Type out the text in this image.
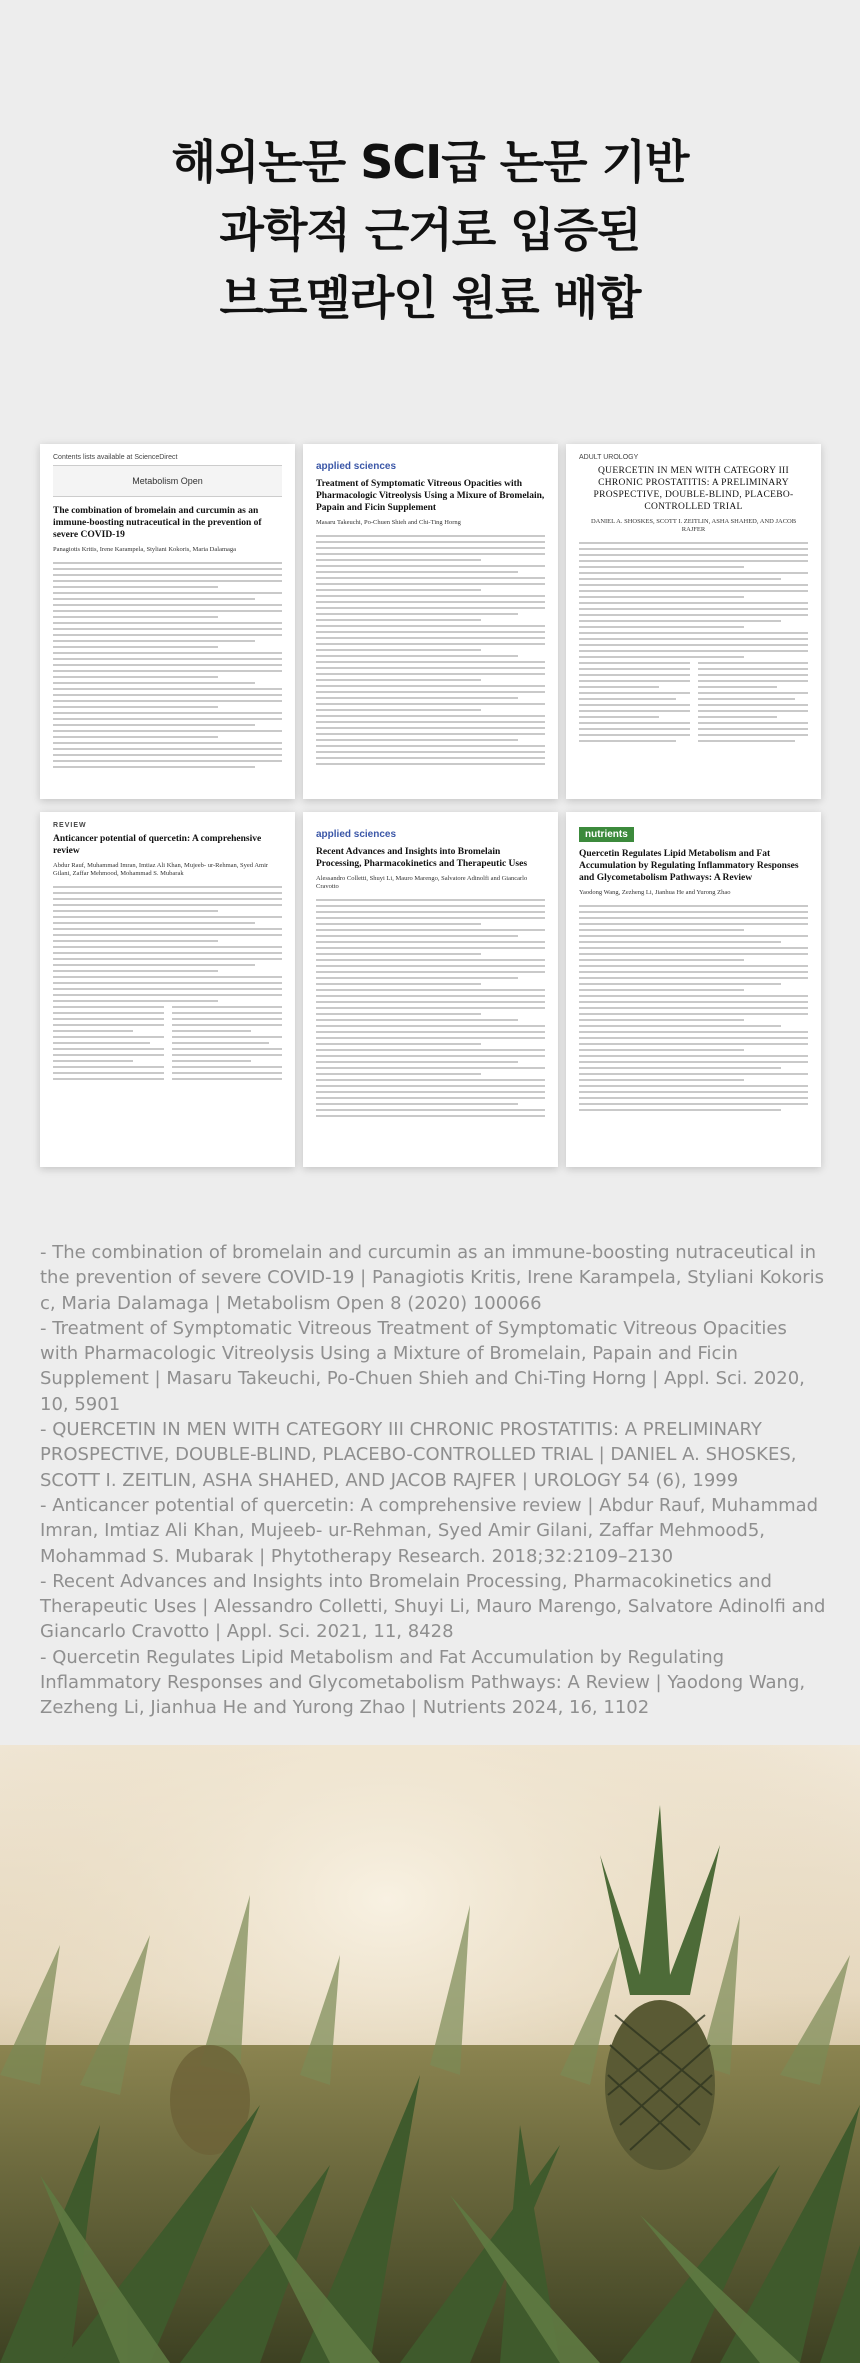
해외논문 SCI급 논문 기반
과학적 근거로 입증된
브로멜라인 원료 배합
Contents lists available at ScienceDirect
Metabolism Open
The combination of bromelain and curcumin as an immune-boosting nutraceutical in the prevention of severe COVID-19
Panagiotis Kritis, Irene Karampela, Styliani Kokoris, Maria Dalamaga
applied sciences
Treatment of Symptomatic Vitreous Opacities with Pharmacologic Vitreolysis Using a Mixure of Bromelain, Papain and Ficin Supplement
Masaru Takeuchi, Po-Chuen Shieh and Chi-Ting Horng
ADULT UROLOGY
QUERCETIN IN MEN WITH CATEGORY III CHRONIC PROSTATITIS: A PRELIMINARY PROSPECTIVE, DOUBLE-BLIND, PLACEBO-CONTROLLED TRIAL
DANIEL A. SHOSKES, SCOTT I. ZEITLIN, ASHA SHAHED, AND JACOB RAJFER
REVIEW
Anticancer potential of quercetin: A comprehensive review
Abdur Rauf, Muhammad Imran, Imtiaz Ali Khan, Mujeeb- ur-Rehman, Syed Amir Gilani, Zaffar Mehmood, Mohammad S. Mubarak
applied sciences
Recent Advances and Insights into Bromelain Processing, Pharmacokinetics and Therapeutic Uses
Alessandro Colletti, Shuyi Li, Mauro Marengo, Salvatore Adinolfi and Giancarlo Cravotto
nutrients
Quercetin Regulates Lipid Metabolism and Fat Accumulation by Regulating Inflammatory Responses and Glycometabolism Pathways: A Review
Yaodong Wang, Zezheng Li, Jianhua He and Yurong Zhao
- The combination of bromelain and curcumin as an immune-boosting nutraceutical in the prevention of severe COVID-19 | Panagiotis Kritis, Irene Karampela, Styliani Kokoris c, Maria Dalamaga | Metabolism Open 8 (2020) 100066
- Treatment of Symptomatic Vitreous Treatment of Symptomatic Vitreous Opacities with Pharmacologic Vitreolysis Using a Mixture of Bromelain, Papain and Ficin Supplement | Masaru Takeuchi, Po-Chuen Shieh and Chi-Ting Horng | Appl. Sci. 2020, 10, 5901
- QUERCETIN IN MEN WITH CATEGORY III CHRONIC PROSTATITIS: A PRELIMINARY PROSPECTIVE, DOUBLE-BLIND, PLACEBO-CONTROLLED TRIAL | DANIEL A. SHOSKES, SCOTT I. ZEITLIN, ASHA SHAHED, AND JACOB RAJFER | UROLOGY 54 (6), 1999
- Anticancer potential of quercetin: A comprehensive review | Abdur Rauf, Muhammad Imran, Imtiaz Ali Khan, Mujeeb- ur-Rehman, Syed Amir Gilani, Zaffar Mehmood5, Mohammad S. Mubarak | Phytotherapy Research. 2018;32:2109–2130
- Recent Advances and Insights into Bromelain Processing, Pharmacokinetics and Therapeutic Uses | Alessandro Colletti, Shuyi Li, Mauro Marengo, Salvatore Adinolfi and Giancarlo Cravotto | Appl. Sci. 2021, 11, 8428
- Quercetin Regulates Lipid Metabolism and Fat Accumulation by Regulating Inflammatory Responses and Glycometabolism Pathways: A Review | Yaodong Wang, Zezheng Li, Jianhua He and Yurong Zhao | Nutrients 2024, 16, 1102
